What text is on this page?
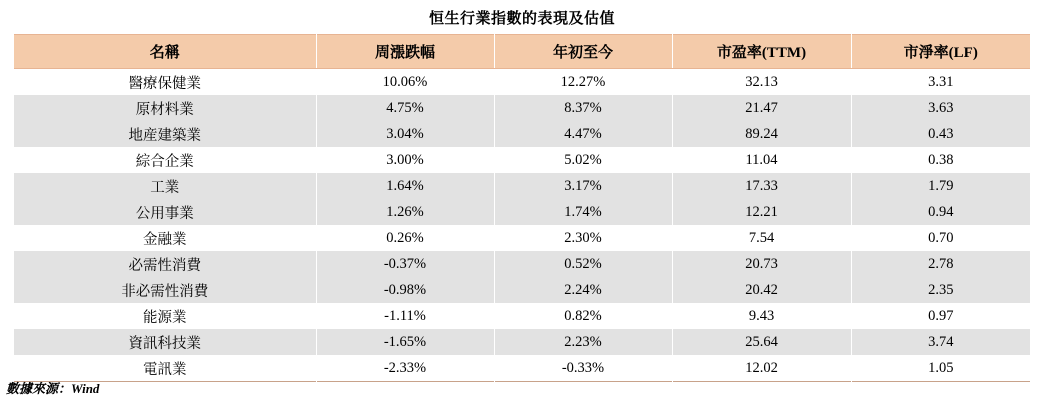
恒生行業指數的表現及估值
名稱	周漲跌幅	年初至今	市盈率(TTM)	市淨率(LF)
醫療保健業	10.06%	12.27%	32.13	3.31
原材料業	4.75%	8.37%	21.47	3.63
地産建築業	3.04%	4.47%	89.24	0.43
綜合企業	3.00%	5.02%	11.04	0.38
工業	1.64%	3.17%	17.33	1.79
公用事業	1.26%	1.74%	12.21	0.94
金融業	0.26%	2.30%	7.54	0.70
必需性消費	-0.37%	0.52%	20.73	2.78
非必需性消費	-0.98%	2.24%	20.42	2.35
能源業	-1.11%	0.82%	9.43	0.97
資訊科技業	-1.65%	2.23%	25.64	3.74
電訊業	-2.33%	-0.33%	12.02	1.05
數據來源：Wind
